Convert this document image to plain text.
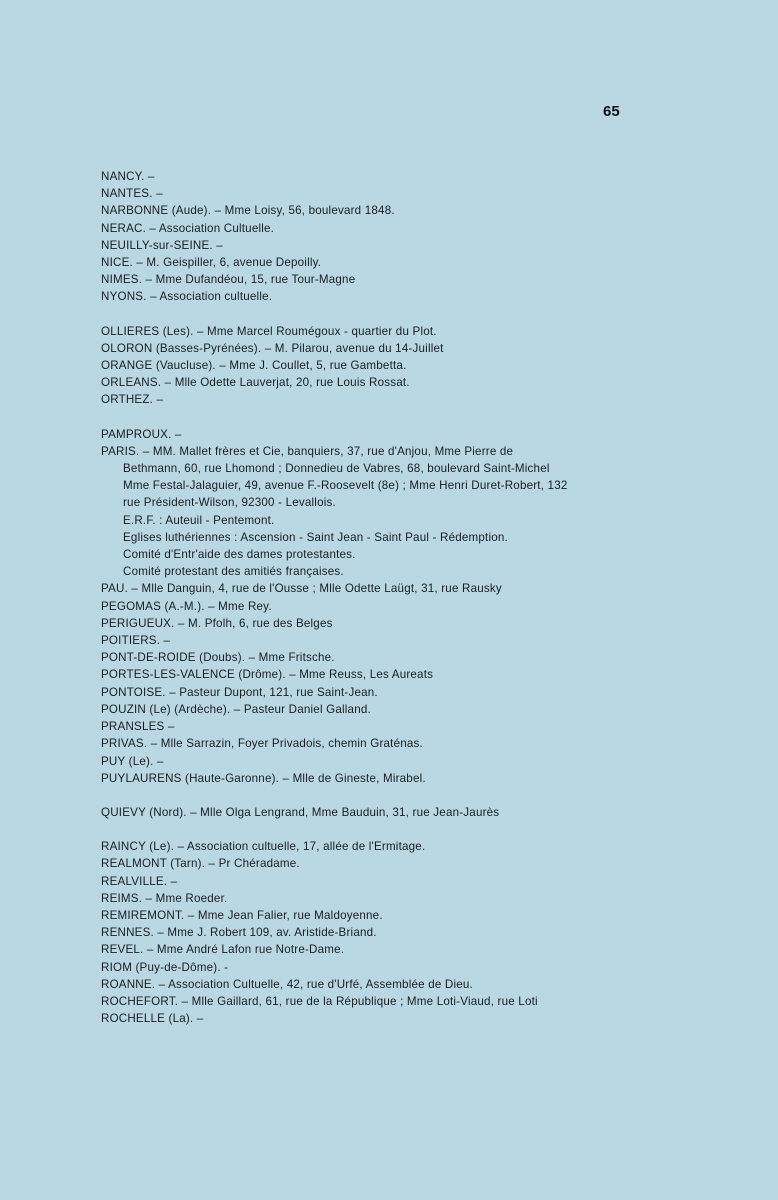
65
NANCY. –
NANTES. –
NARBONNE (Aude). – Mme Loisy, 56, boulevard 1848.
NERAC. – Association Cultuelle.
NEUILLY-sur-SEINE. –
NICE. – M. Geispiller, 6, avenue Depoilly.
NIMES. – Mme Dufandéou, 15, rue Tour-Magne
NYONS. – Association cultuelle.
OLLIERES (Les). – Mme Marcel Roumégoux - quartier du Plot.
OLORON (Basses-Pyrénées). – M. Pilarou, avenue du 14-Juillet
ORANGE (Vaucluse). – Mme J. Coullet, 5, rue Gambetta.
ORLEANS. – Mlle Odette Lauverjat, 20, rue Louis Rossat.
ORTHEZ. –
PAMPROUX. –
PARIS. – MM. Mallet frères et Cie, banquiers, 37, rue d'Anjou, Mme Pierre de
Bethmann, 60, rue Lhomond ; Donnedieu de Vabres, 68, boulevard Saint-Michel
Mme Festal-Jalaguier, 49, avenue F.-Roosevelt (8e) ; Mme Henri Duret-Robert, 132
rue Président-Wilson, 92300 - Levallois.
E.R.F. : Auteuil - Pentemont.
Eglises luthériennes : Ascension - Saint Jean - Saint Paul - Rédemption.
Comité d'Entr'aide des dames protestantes.
Comité protestant des amitiés françaises.
PAU. – Mlle Danguin, 4, rue de l'Ousse ; Mlle Odette Laügt, 31, rue Rausky
PEGOMAS (A.-M.). – Mme Rey.
PERIGUEUX. – M. Pfolh, 6, rue des Belges
POITIERS. –
PONT-DE-ROIDE (Doubs). – Mme Fritsche.
PORTES-LES-VALENCE (Drôme). – Mme Reuss, Les Aureats
PONTOISE. – Pasteur Dupont, 121, rue Saint-Jean.
POUZIN (Le) (Ardèche). – Pasteur Daniel Galland.
PRANSLES –
PRIVAS. – Mlle Sarrazin, Foyer Privadois, chemin Graténas.
PUY (Le). –
PUYLAURENS (Haute-Garonne). – Mlle de Gineste, Mirabel.
QUIEVY (Nord). – Mlle Olga Lengrand, Mme Bauduin, 31, rue Jean-Jaurès
RAINCY (Le). – Association cultuelle, 17, allée de l'Ermitage.
REALMONT (Tarn). – Pr Chéradame.
REALVILLE. –
REIMS. – Mme Roeder.
REMIREMONT. – Mme Jean Falier, rue Maldoyenne.
RENNES. – Mme J. Robert 109, av. Aristide-Briand.
REVEL. – Mme André Lafon rue Notre-Dame.
RIOM (Puy-de-Dôme). -
ROANNE. – Association Cultuelle, 42, rue d'Urfé, Assemblée de Dieu.
ROCHEFORT. – Mlle Gaillard, 61, rue de la République ; Mme Loti-Viaud, rue Loti
ROCHELLE (La). –
